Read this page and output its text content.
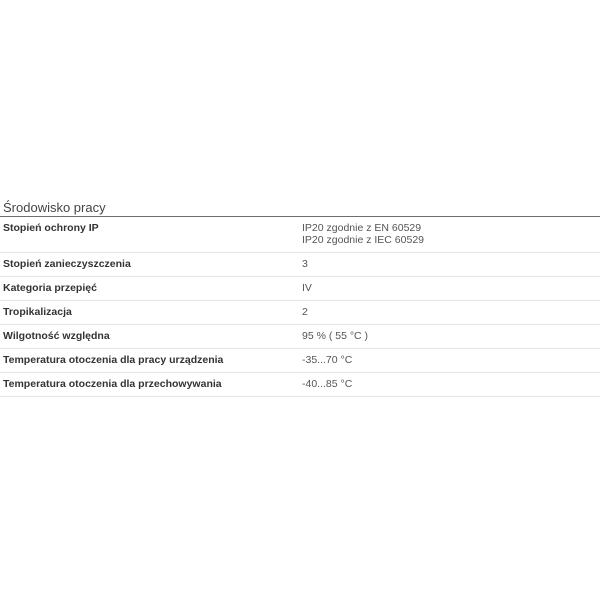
Środowisko pracy
Stopień ochrony IP	IP20 zgodnie z EN 60529
IP20 zgodnie z IEC 60529

Stopień zanieczyszczenia	3

Kategoria przepięć	IV

Tropikalizacja	2

Wilgotność względna	95 % ( 55 °C )

Temperatura otoczenia dla pracy urządzenia	-35...70 °C

Temperatura otoczenia dla przechowywania	-40...85 °C
